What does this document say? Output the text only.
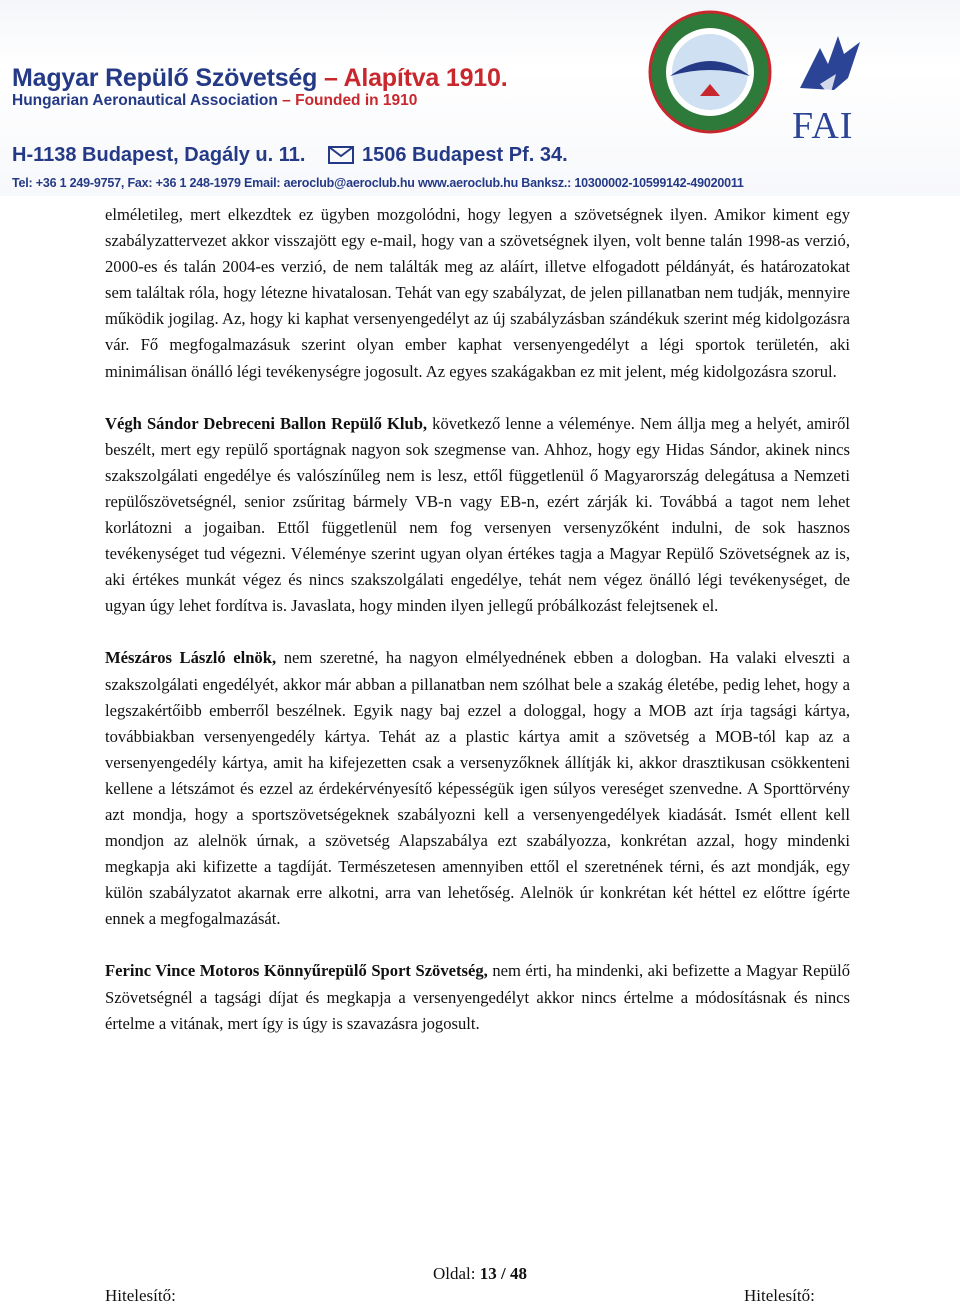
Magyar Repülő Szövetség – Alapítva 1910.
Hungarian Aeronautical Association – Founded in 1910
H-1138 Budapest, Dagály u. 11.	1506 Budapest Pf. 34.
Tel: +36 1 249-9757, Fax: +36 1 248-1979 Email: aeroclub@aeroclub.hu www.aeroclub.hu Banksz.: 10300002-10599142-49020011
FAI

elméletileg, mert elkezdtek ez ügyben mozgolódni, hogy legyen a szövetségnek ilyen. Amikor kiment egy szabályzattervezet akkor visszajött egy e-mail, hogy van a szövetségnek ilyen, volt benne talán 1998-as verzió, 2000-es és talán 2004-es verzió, de nem találták meg az aláírt, illetve elfogadott példányát, és határozatokat sem találtak róla, hogy létezne hivatalosan. Tehát van egy szabályzat, de jelen pillanatban nem tudják, mennyire működik jogilag. Az, hogy ki kaphat versenyengedélyt az új szabályzásban szándékuk szerint még kidolgozásra vár. Fő megfogalmazásuk szerint olyan ember kaphat versenyengedélyt a légi sportok területén, aki minimálisan önálló légi tevékenységre jogosult. Az egyes szakágakban ez mit jelent, még kidolgozásra szorul.

Végh Sándor Debreceni Ballon Repülő Klub, következő lenne a véleménye. Nem állja meg a helyét, amiről beszélt, mert egy repülő sportágnak nagyon sok szegmense van. Ahhoz, hogy egy Hidas Sándor, akinek nincs szakszolgálati engedélye és valószínűleg nem is lesz, ettől függetlenül ő Magyarország delegátusa a Nemzeti repülőszövetségnél, senior zsűritag bármely VB-n vagy EB-n, ezért zárják ki. Továbbá a tagot nem lehet korlátozni a jogaiban. Ettől függetlenül nem fog versenyen versenyzőként indulni, de sok hasznos tevékenységet tud végezni. Véleménye szerint ugyan olyan értékes tagja a Magyar Repülő Szövetségnek az is, aki értékes munkát végez és nincs szakszolgálati engedélye, tehát nem végez önálló légi tevékenységet, de ugyan úgy lehet fordítva is. Javaslata, hogy minden ilyen jellegű próbálkozást felejtsenek el.

Mészáros László elnök, nem szeretné, ha nagyon elmélyednének ebben a dologban. Ha valaki elveszti a szakszolgálati engedélyét, akkor már abban a pillanatban nem szólhat bele a szakág életébe, pedig lehet, hogy a legszakértőibb emberről beszélnek. Egyik nagy baj ezzel a dologgal, hogy a MOB azt írja tagsági kártya, továbbiakban versenyengedély kártya. Tehát az a plastic kártya amit a szövetség a MOB-tól kap az a versenyengedély kártya, amit ha kifejezetten csak a versenyzőknek állítják ki, akkor drasztikusan csökkenteni kellene a létszámot és ezzel az érdekérvényesítő képességük igen súlyos vereséget szenvedne. A Sporttörvény azt mondja, hogy a sportszövetségeknek szabályozni kell a versenyengedélyek kiadását. Ismét ellent kell mondjon az alelnök úrnak, a szövetség Alapszabálya ezt szabályozza, konkrétan azzal, hogy mindenki megkapja aki kifizette a tagdíját. Természetesen amennyiben ettől el szeretnének térni, és azt mondják, egy külön szabályzatot akarnak erre alkotni, arra van lehetőség. Alelnök úr konkrétan két héttel ez előttre ígérte ennek a megfogalmazását.

Ferinc Vince Motoros Könnyűrepülő Sport Szövetség, nem érti, ha mindenki, aki befizette a Magyar Repülő Szövetségnél a tagsági díjat és megkapja a versenyengedélyt akkor nincs értelme a módosításnak és nincs értelme a vitának, mert így is úgy is szavazásra jogosult.

Oldal: 13 / 48
Hitelesítő:	Hitelesítő:
